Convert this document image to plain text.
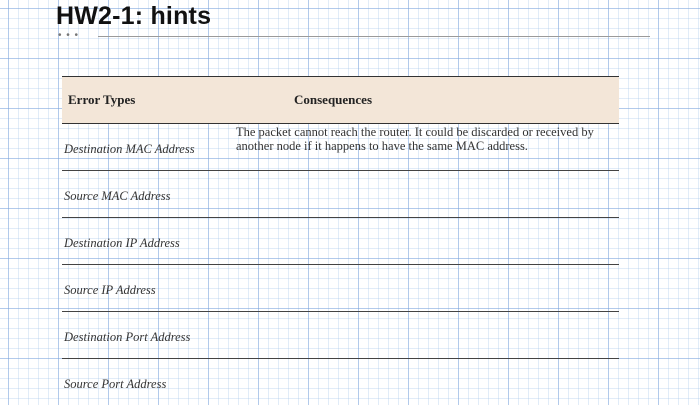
HW2-1: hints
• • •
Error Types	Consequences
Destination MAC Address
The packet cannot reach the router. It could be discarded or received by another node if it happens to have the same MAC address.
Source MAC Address
Destination IP Address
Source IP Address
Destination Port Address
Source Port Address
